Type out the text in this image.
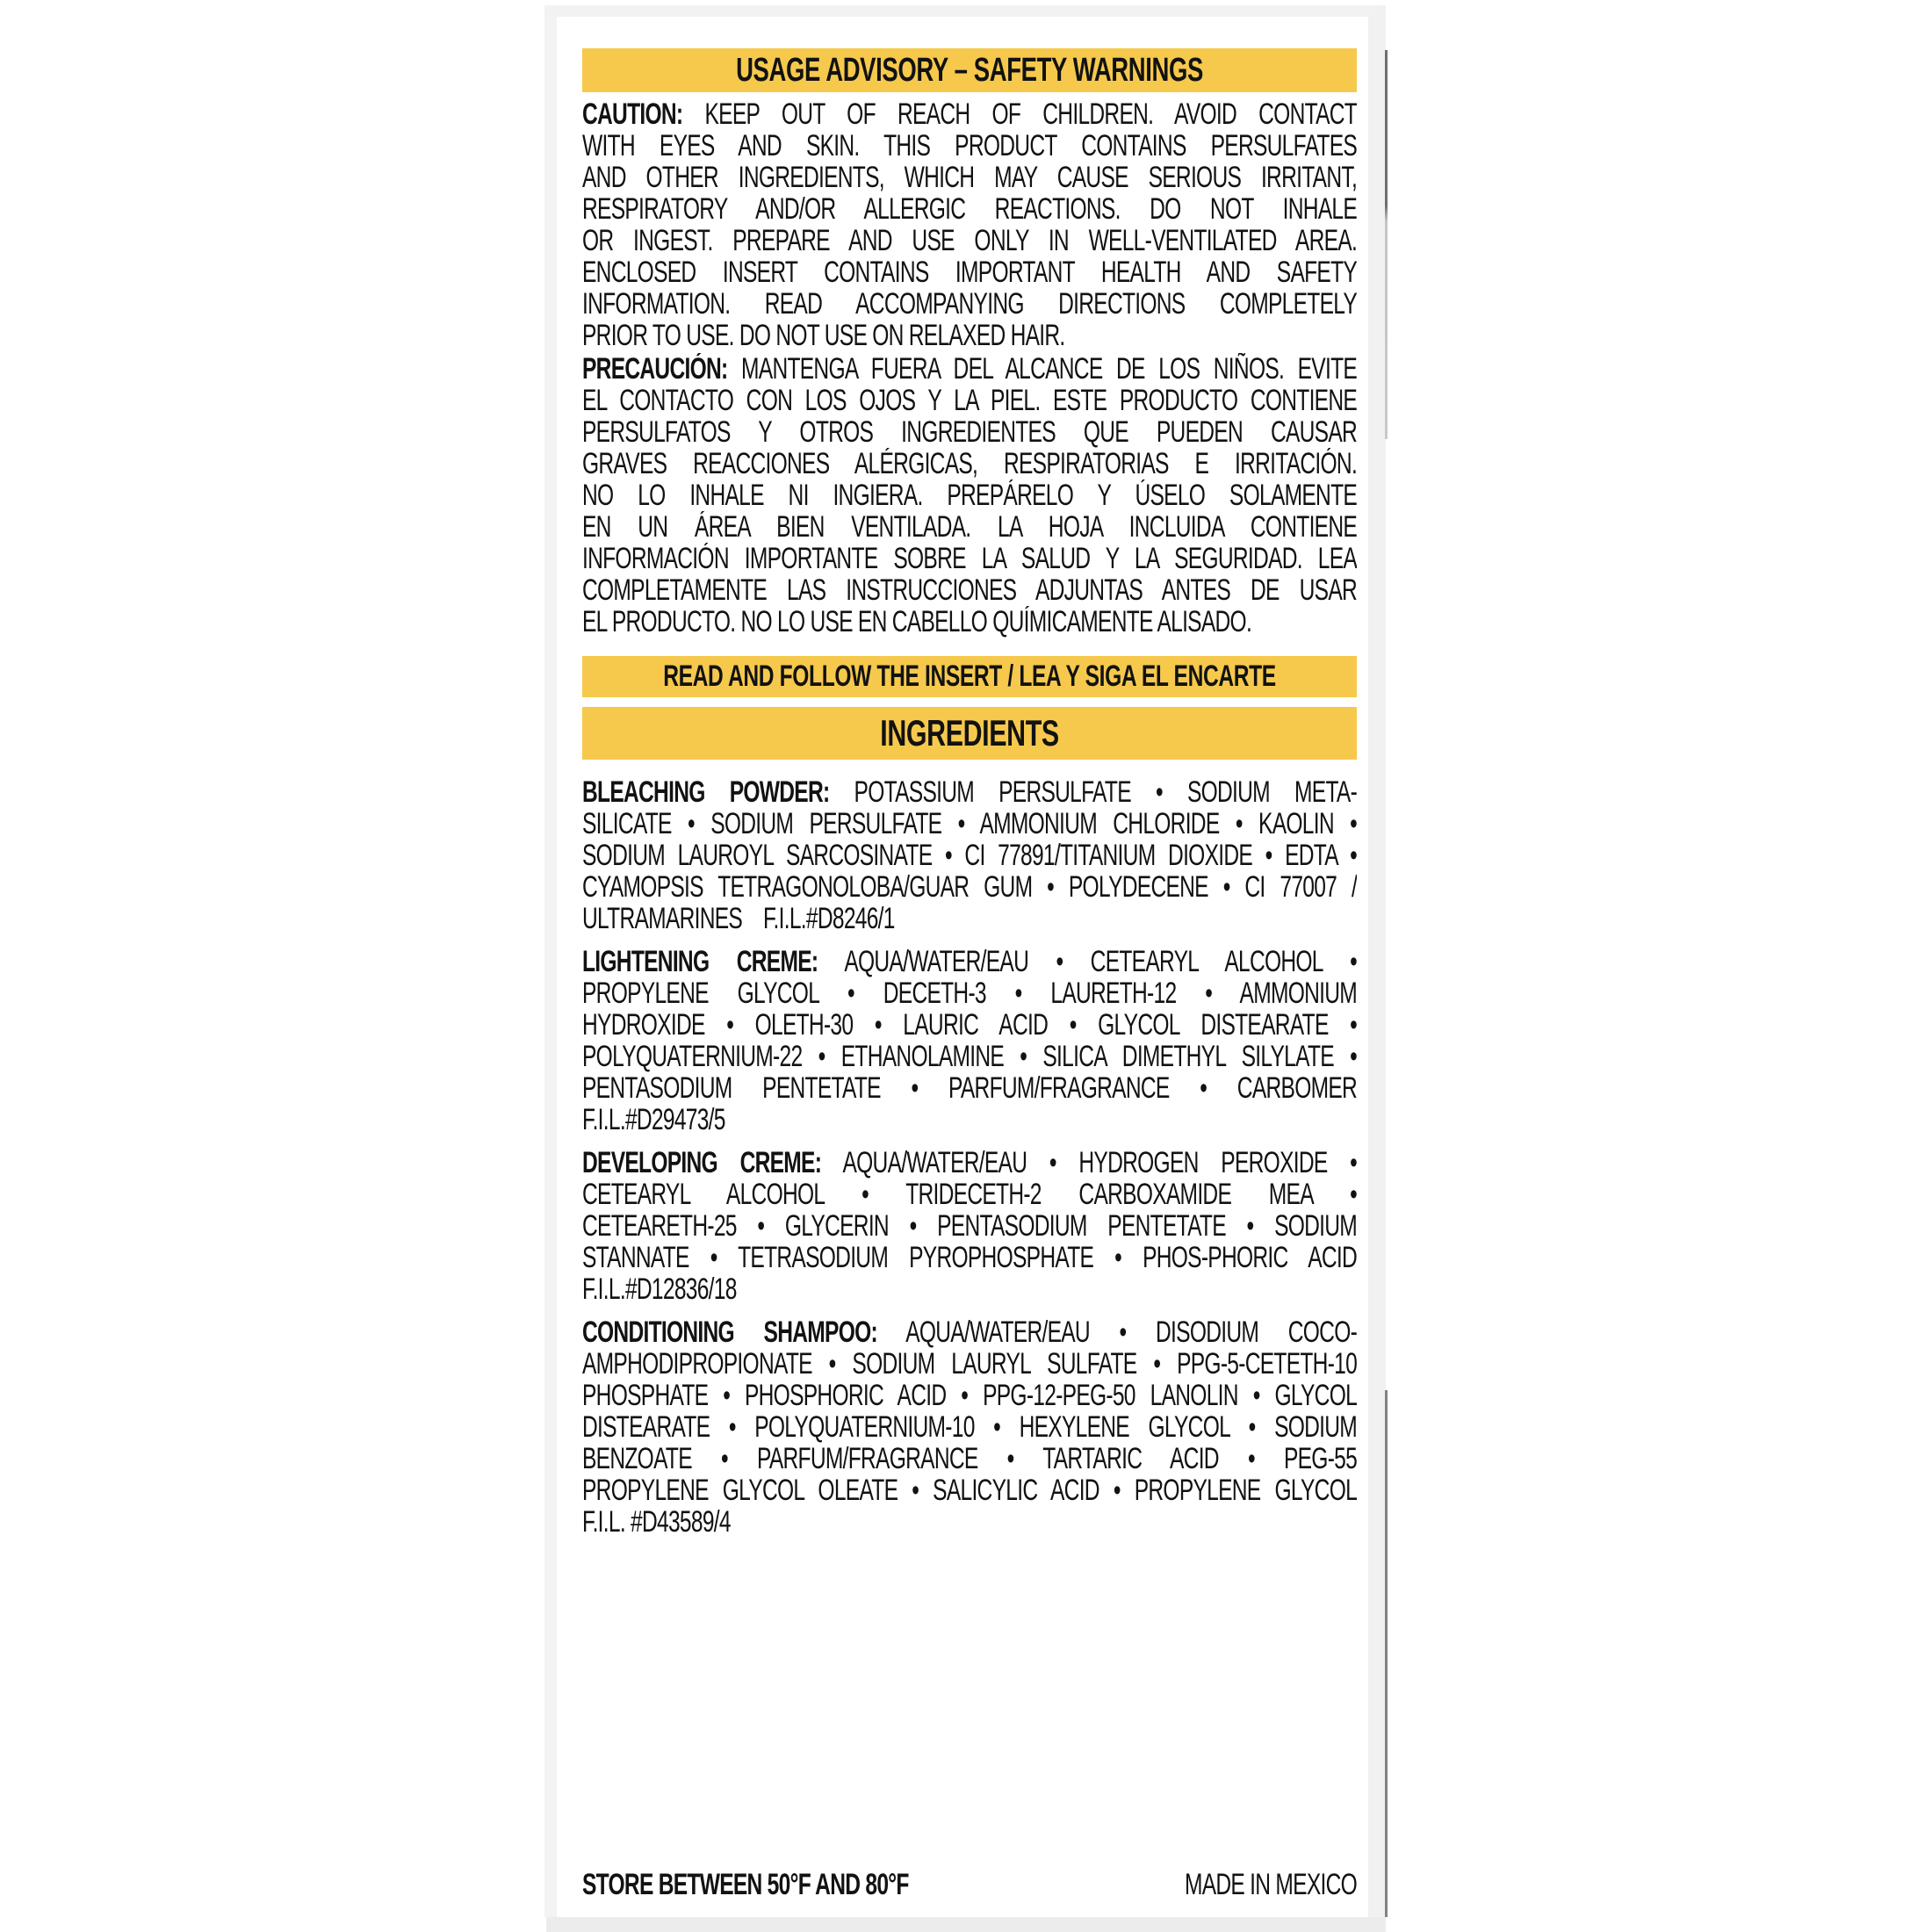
USAGE ADVISORY – SAFETY WARNINGS
CAUTION: KEEP OUT OF REACH OF CHILDREN. AVOID CONTACT
WITH EYES AND SKIN. THIS PRODUCT CONTAINS PERSULFATES
AND OTHER INGREDIENTS, WHICH MAY CAUSE SERIOUS IRRITANT,
RESPIRATORY AND/OR ALLERGIC REACTIONS. DO NOT INHALE
OR INGEST. PREPARE AND USE ONLY IN WELL-VENTILATED AREA.
ENCLOSED INSERT CONTAINS IMPORTANT HEALTH AND SAFETY
INFORMATION. READ ACCOMPANYING DIRECTIONS COMPLETELY
PRIOR TO USE. DO NOT USE ON RELAXED HAIR.
PRECAUCIÓN: MANTENGA FUERA DEL ALCANCE DE LOS NIÑOS. EVITE
EL CONTACTO CON LOS OJOS Y LA PIEL. ESTE PRODUCTO CONTIENE
PERSULFATOS Y OTROS INGREDIENTES QUE PUEDEN CAUSAR
GRAVES REACCIONES ALÉRGICAS, RESPIRATORIAS E IRRITACIÓN.
NO LO INHALE NI INGIERA. PREPÁRELO Y ÚSELO SOLAMENTE
EN UN ÁREA BIEN VENTILADA. LA HOJA INCLUIDA CONTIENE
INFORMACIÓN IMPORTANTE SOBRE LA SALUD Y LA SEGURIDAD. LEA
COMPLETAMENTE LAS INSTRUCCIONES ADJUNTAS ANTES DE USAR
EL PRODUCTO. NO LO USE EN CABELLO QUÍMICAMENTE ALISADO.
READ AND FOLLOW THE INSERT / LEA Y SIGA EL ENCARTE
INGREDIENTS
BLEACHING POWDER: POTASSIUM PERSULFATE • SODIUM META-
SILICATE • SODIUM PERSULFATE • AMMONIUM CHLORIDE • KAOLIN •
SODIUM LAUROYL SARCOSINATE • CI 77891/TITANIUM DIOXIDE • EDTA •
CYAMOPSIS TETRAGONOLOBA/GUAR GUM • POLYDECENE • CI 77007 /
ULTRAMARINES F.I.L.#D8246/1
LIGHTENING CREME: AQUA/WATER/EAU • CETEARYL ALCOHOL •
PROPYLENE GLYCOL • DECETH-3 • LAURETH-12 • AMMONIUM
HYDROXIDE • OLETH-30 • LAURIC ACID • GLYCOL DISTEARATE •
POLYQUATERNIUM-22 • ETHANOLAMINE • SILICA DIMETHYL SILYLATE •
PENTASODIUM PENTETATE • PARFUM/FRAGRANCE • CARBOMER
F.I.L.#D29473/5
DEVELOPING CREME: AQUA/WATER/EAU • HYDROGEN PEROXIDE •
CETEARYL ALCOHOL • TRIDECETH-2 CARBOXAMIDE MEA •
CETEARETH-25 • GLYCERIN • PENTASODIUM PENTETATE • SODIUM
STANNATE • TETRASODIUM PYROPHOSPHATE • PHOS-PHORIC ACID
F.I.L.#D12836/18
CONDITIONING SHAMPOO: AQUA/WATER/EAU • DISODIUM COCO-
AMPHODIPROPIONATE • SODIUM LAURYL SULFATE • PPG-5-CETETH-10
PHOSPHATE • PHOSPHORIC ACID • PPG-12-PEG-50 LANOLIN • GLYCOL
DISTEARATE • POLYQUATERNIUM-10 • HEXYLENE GLYCOL • SODIUM
BENZOATE • PARFUM/FRAGRANCE • TARTARIC ACID • PEG-55
PROPYLENE GLYCOL OLEATE • SALICYLIC ACID • PROPYLENE GLYCOL
F.I.L. #D43589/4
STORE BETWEEN 50°F AND 80°F	MADE IN MEXICO
